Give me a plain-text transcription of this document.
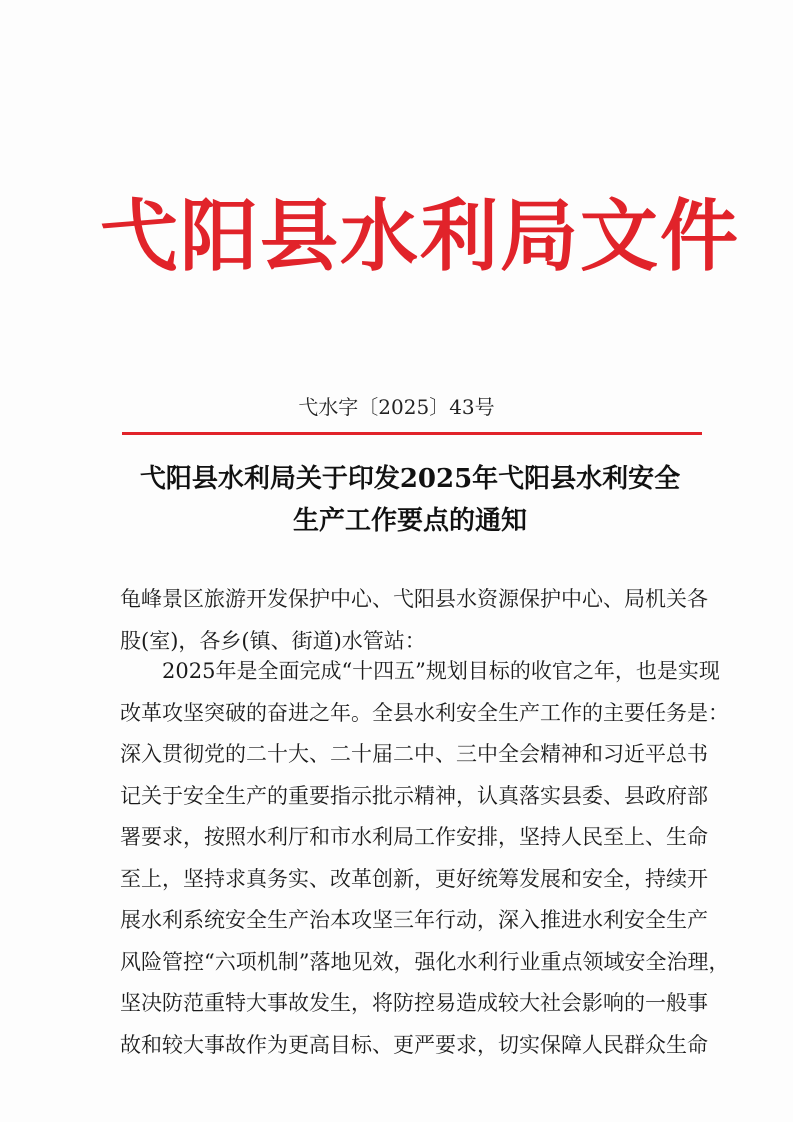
弋阳县水利局文件
弋水字〔2025〕43号
弋阳县水利局关于印发2025年弋阳县水利安全
生产工作要点的通知
龟峰景区旅游开发保护中心、弋阳县水资源保护中心、局机关各
股(室)，各乡(镇、街道)水管站：
2025年是全面完成“十四五”规划目标的收官之年，也是实现
改革攻坚突破的奋进之年。全县水利安全生产工作的主要任务是：
深入贯彻党的二十大、二十届二中、三中全会精神和习近平总书
记关于安全生产的重要指示批示精神，认真落实县委、县政府部
署要求，按照水利厅和市水利局工作安排，坚持人民至上、生命
至上，坚持求真务实、改革创新，更好统筹发展和安全，持续开
展水利系统安全生产治本攻坚三年行动，深入推进水利安全生产
风险管控“六项机制”落地见效，强化水利行业重点领域安全治理，
坚决防范重特大事故发生，将防控易造成较大社会影响的一般事
故和较大事故作为更高目标、更严要求，切实保障人民群众生命
